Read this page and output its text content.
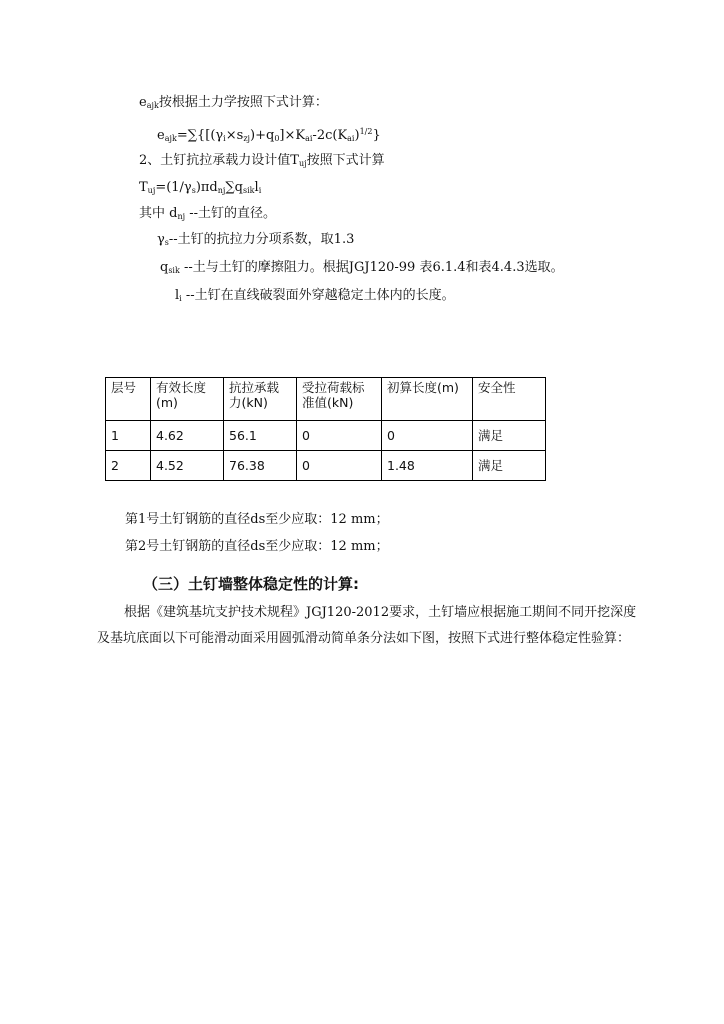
$e_{ajk}$按根据土力学按照下式计算：
$e_{ajk}=\sum\{[(\gamma_i\times s_{zj})+q_0]\times K_{ai}-2c(K_{ai})^{1/2}\}$
2、土钉抗拉承载力设计值$T_{uj}$按照下式计算
$T_{uj}=(1/\gamma_s)\pi d_{nj}\sum q_{sik}l_i$
其中 $d_{nj}$ --土钉的直径。
$\gamma_s--$土钉的抗拉力分项系数，取1.3
$q_{sik}$ --土与土钉的摩擦阻力。根据JGJ120-99 表6.1.4和表4.4.3选取。
$l_i$ --土钉在直线破裂面外穿越稳定土体内的长度。
层号	有效长度(m)	抗拉承载力(kN)	受拉荷载标准值(kN)	初算长度(m)	安全性
1	4.62	56.1	0	0	满足
2	4.52	76.38	0	1.48	满足
第1号土钉钢筋的直径ds至少应取：12 mm；
第2号土钉钢筋的直径ds至少应取：12 mm；
（三）土钉墙整体稳定性的计算:
根据《建筑基坑支护技术规程》JGJ120-2012要求，土钉墙应根据施工期间不同开挖深度及基坑底面以下可能滑动面采用圆弧滑动简单条分法如下图，按照下式进行整体稳定性验算：
